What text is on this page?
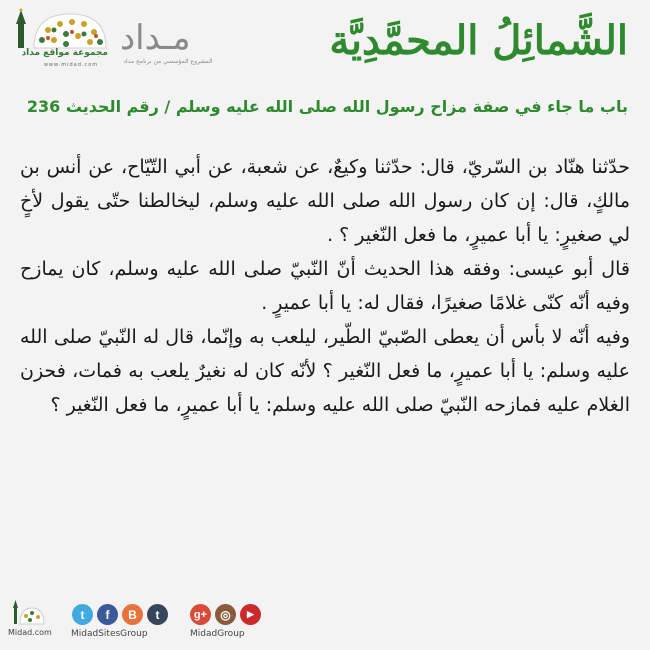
مجموعة مواقع مداد
www.midad.com
مـداد
المشروع المؤسسي من برنامج مداد	الشَّمائِلُ المحمَّدِيَّة
باب ما جاء في صفة مزاح رسول الله صلى الله عليه وسلم / رقم الحديث 236

حدّثنا هنّاد بن السّريّ، قال: حدّثنا وكيعٌ، عن شعبة، عن أبي التّيّاح، عن أنس بن مالكٍ، قال: إن كان رسول الله صلى الله عليه وسلم، ليخالطنا حتّى يقول لأخٍ لي صغيرٍ: يا أبا عميرٍ، ما فعل النّغير ؟ .

قال أبو عيسى: وفقه هذا الحديث أنّ النّبيّ صلى الله عليه وسلم، كان يمازح وفيه أنّه كنّى غلامًا صغيرًا، فقال له: يا أبا عميرٍ .

وفيه أنّه لا بأس أن يعطى الصّبيّ الطّير، ليلعب به وإنّما، قال له النّبيّ صلى الله عليه وسلم: يا أبا عميرٍ، ما فعل النّغير ؟ لأنّه كان له نغيرٌ يلعب به فمات، فحزن الغلام عليه فمازحه النّبيّ صلى الله عليه وسلم: يا أبا عميرٍ، ما فعل النّغير ؟

Midad.com
t	f	B	t
MidadSitesGroup
g+	◎	▶
MidadGroup
